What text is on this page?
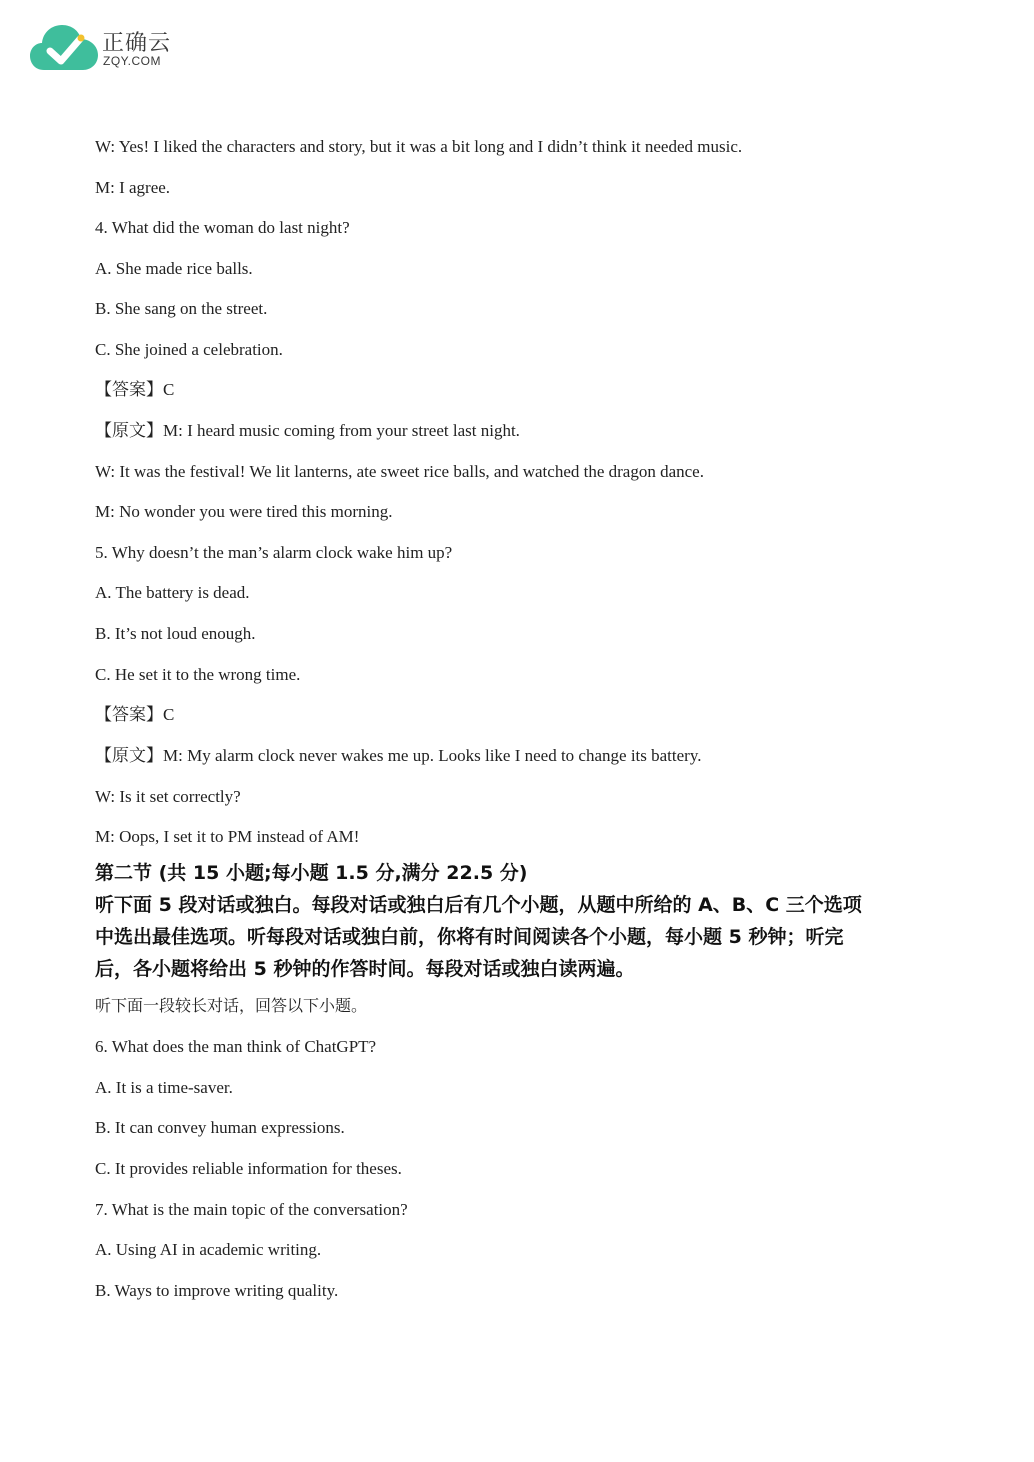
正确云
ZQY.COM
W: Yes! I liked the characters and story, but it was a bit long and I didn’t think it needed music.
M: I agree.
4. What did the woman do last night?
A. She made rice balls.
B. She sang on the street.
C. She joined a celebration.
【答案】C
【原文】M: I heard music coming from your street last night.
W: It was the festival! We lit lanterns, ate sweet rice balls, and watched the dragon dance.
M: No wonder you were tired this morning.
5. Why doesn’t the man’s alarm clock wake him up?
A. The battery is dead.
B. It’s not loud enough.
C. He set it to the wrong time.
【答案】C
【原文】M: My alarm clock never wakes me up. Looks like I need to change its battery.
W: Is it set correctly?
M: Oops, I set it to PM instead of AM!
第二节 (共 15 小题;每小题 1.5 分,满分 22.5 分)
听下面 5 段对话或独白。每段对话或独白后有几个小题，从题中所给的 A、B、C 三个选项
中选出最佳选项。听每段对话或独白前，你将有时间阅读各个小题，每小题 5 秒钟；听完
后，各小题将给出 5 秒钟的作答时间。每段对话或独白读两遍。
听下面一段较长对话，回答以下小题。
6. What does the man think of ChatGPT?
A. It is a time-saver.
B. It can convey human expressions.
C. It provides reliable information for theses.
7. What is the main topic of the conversation?
A. Using AI in academic writing.
B. Ways to improve writing quality.
